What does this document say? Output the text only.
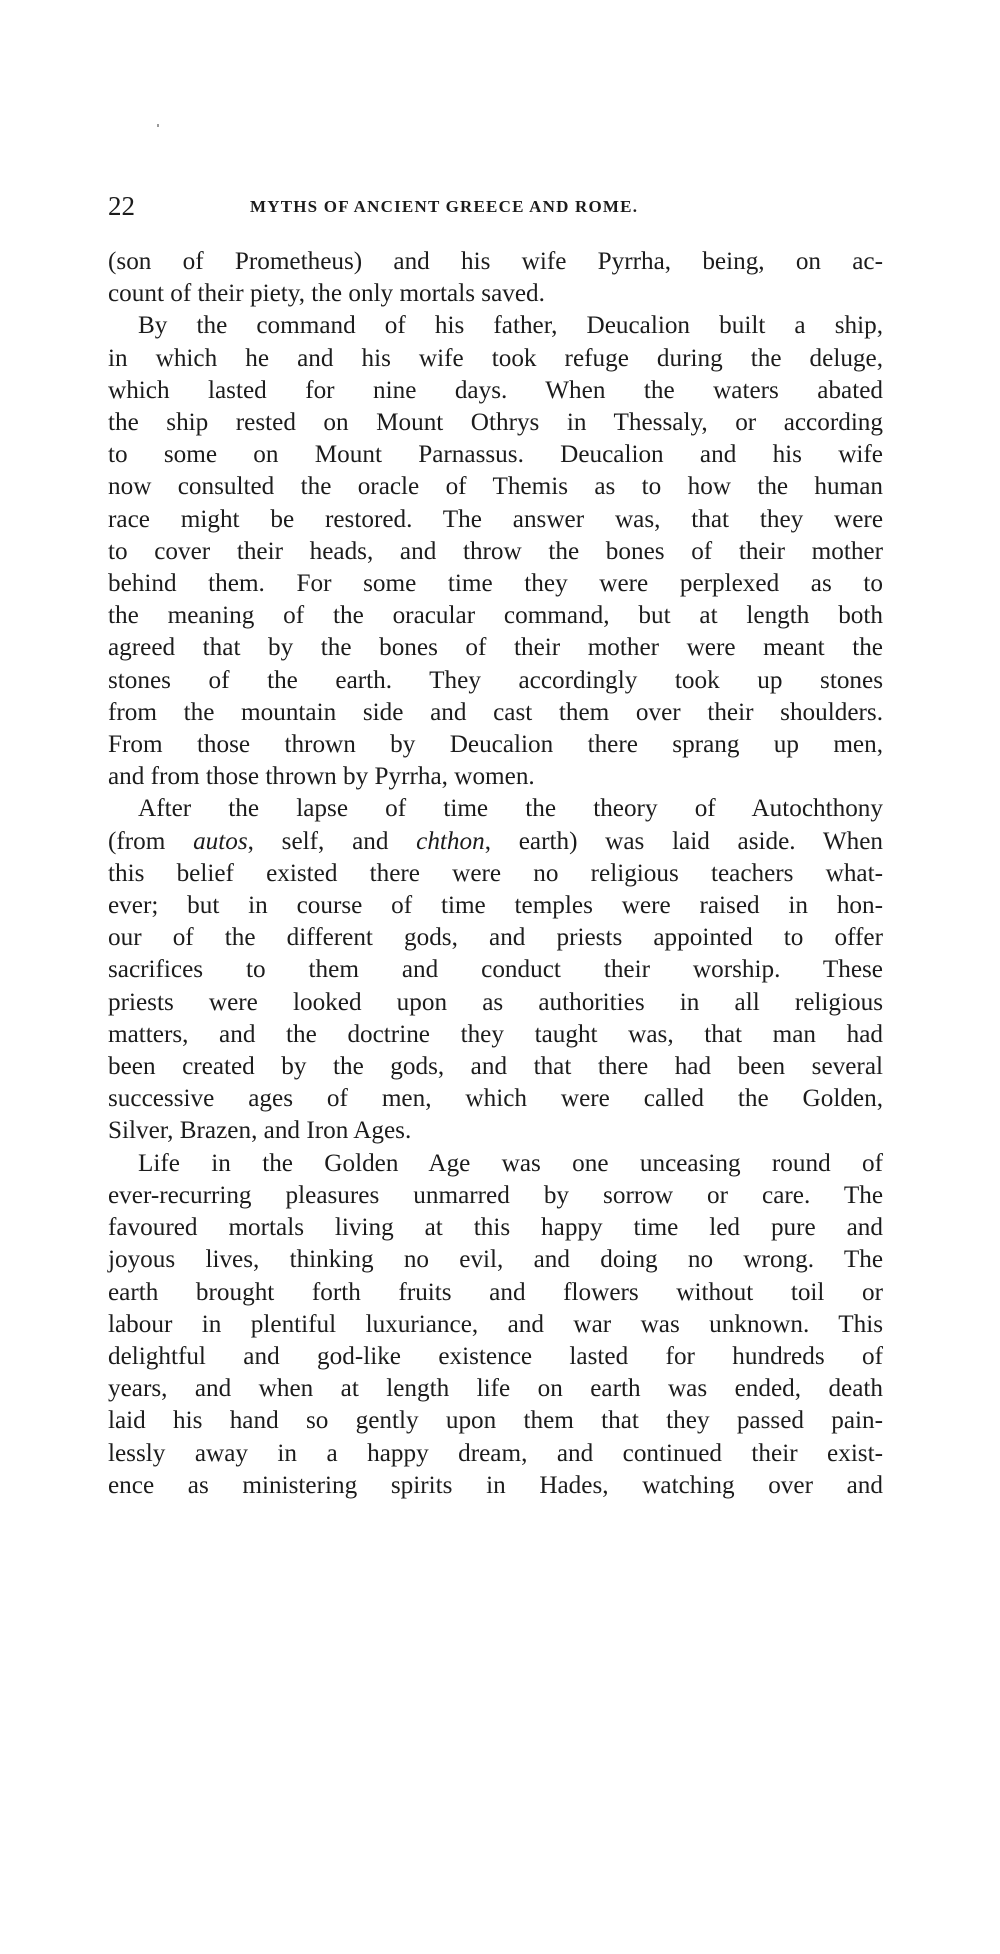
22	MYTHS OF ANCIENT GREECE AND ROME.

(son of Prometheus) and his wife Pyrrha, being, on ac-
count of their piety, the only mortals saved.

By the command of his father, Deucalion built a ship,
in which he and his wife took refuge during the deluge,
which lasted for nine days. When the waters abated
the ship rested on Mount Othrys in Thessaly, or according
to some on Mount Parnassus. Deucalion and his wife
now consulted the oracle of Themis as to how the human
race might be restored. The answer was, that they were
to cover their heads, and throw the bones of their mother
behind them. For some time they were perplexed as to
the meaning of the oracular command, but at length both
agreed that by the bones of their mother were meant the
stones of the earth. They accordingly took up stones
from the mountain side and cast them over their shoulders.
From those thrown by Deucalion there sprang up men,
and from those thrown by Pyrrha, women.

After the lapse of time the theory of Autochthony
(from autos, self, and chthon, earth) was laid aside. When
this belief existed there were no religious teachers what-
ever; but in course of time temples were raised in hon-
our of the different gods, and priests appointed to offer
sacrifices to them and conduct their worship. These
priests were looked upon as authorities in all religious
matters, and the doctrine they taught was, that man had
been created by the gods, and that there had been several
successive ages of men, which were called the Golden,
Silver, Brazen, and Iron Ages.

Life in the Golden Age was one unceasing round of
ever-recurring pleasures unmarred by sorrow or care. The
favoured mortals living at this happy time led pure and
joyous lives, thinking no evil, and doing no wrong. The
earth brought forth fruits and flowers without toil or
labour in plentiful luxuriance, and war was unknown. This
delightful and god-like existence lasted for hundreds of
years, and when at length life on earth was ended, death
laid his hand so gently upon them that they passed pain-
lessly away in a happy dream, and continued their exist-
ence as ministering spirits in Hades, watching over and
